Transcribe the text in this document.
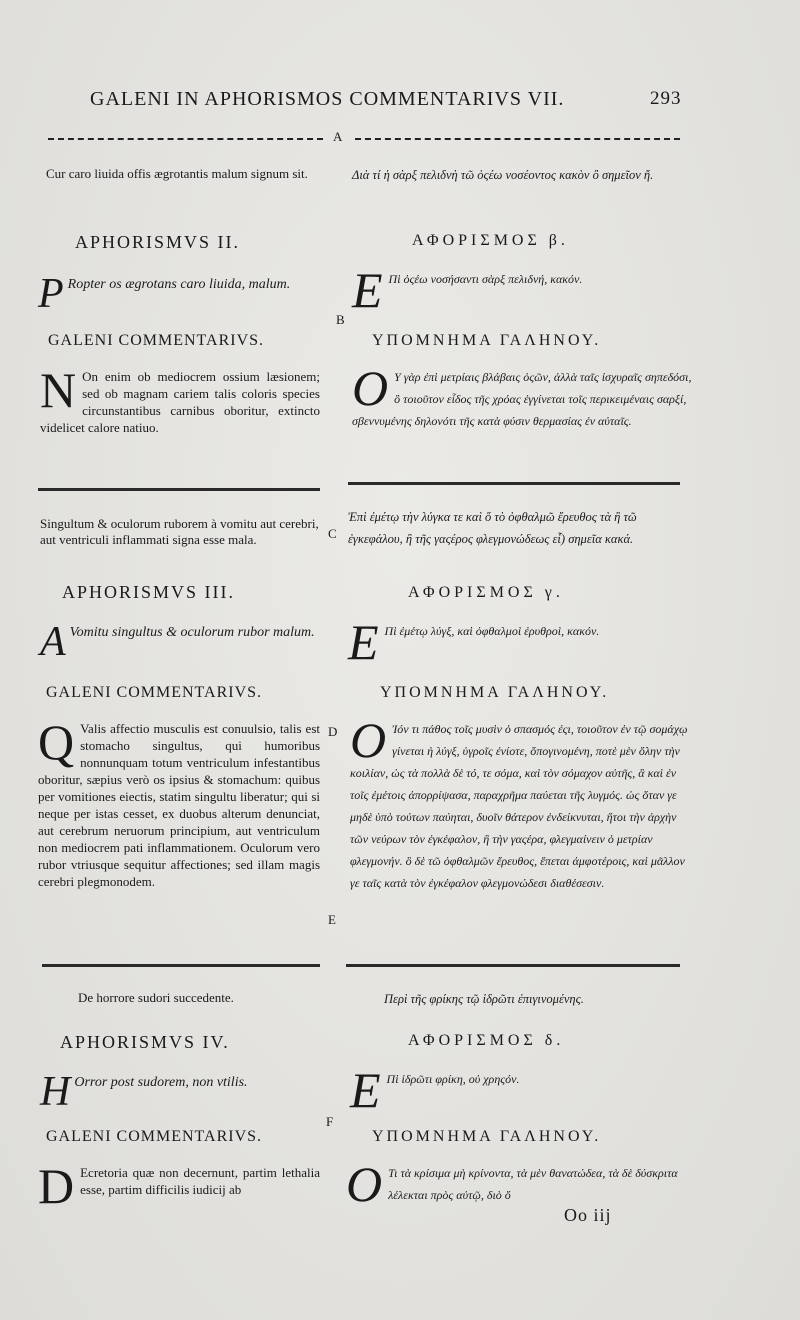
GALENI IN APHORISMOS COMMENTARIVS VII.	293
A
Cur caro liuida offis ægrotantis malum signum sit.	Διὰ τί ἡ σὰρξ πελιδνὴ τῶ ὀςέω νοσέοντος κακὸν ὂ σημεῖον ἤ.
APHORISMVS II.	ΑΦΟΡΙΣΜΟΣ β.
P Ropter os ægrotans caro liuida, malum.	E Πὶ ὀςέω νοσήσαντι σὰρξ πελιδνή, κακόν.
B
GALENI COMMENTARIVS.	ΥΠΟΜΝΗΜΑ ΓΑΛΗΝΟΥ.
N On enim ob mediocrem ossium læsionem; sed ob magnam cariem talis coloris species circunstantibus carnibus oboritur, extincto videlicet calore natiuo.
O Υ γὰρ ἐπὶ μετρίαις βλάβαις ὀςῶν, ἀλλὰ ταῖς ἰσχυραῖς σηπεδόσι, ὃ τοιοῦτον εἶδος τῆς χρόας ἐγγίνεται τοῖς περικειμέναις σαρξί, σβεννυμένης δηλονότι τῆς κατὰ φύσιν θερμασίας ἐν αὐταῖς.
Singultum & oculorum ruborem à vomitu aut cerebri, aut ventriculi inflammati signa esse mala.
Ἐπὶ ἐμέτῳ τὴν λύγκα τε καὶ ὅ τὸ ὀφθαλμῶ ἔρευθος τὰ ἢ τῶ ἐγκεφάλου, ἢ τῆς γαςέρος φλεγμονώδεως εἶ) σημεῖα κακά.
C
APHORISMVS III.	ΑΦΟΡΙΣΜΟΣ γ.
A Vomitu singultus & oculorum rubor malum. E Πὶ ἐμέτῳ λύγξ, καὶ ὀφθαλμοὶ ἐρυθροὶ, κακόν.
GALENI COMMENTARIVS.	ΥΠΟΜΝΗΜΑ ΓΑΛΗΝΟΥ.
Q Valis affectio musculis est conuulsio, talis est stomacho singultus, qui humoribus nonnunquam totum ventriculum infestantibus oboritur, sæpius verò os ipsius & stomachum: quibus per vomitiones eiectis, statim singultu liberatur; qui si neque per istas cesset, ex duobus alterum denunciat, aut cerebrum neruorum principium, aut ventriculum non mediocrem pati inflammationem. Oculorum vero rubor vtriusque sequitur affectiones; sed illam magis cerebri plegmonodem.
D O Ἰόν τι πάθος τοῖς μυσὶν ὁ σπασμός ἐςι, τοιοῦτον ἐν τῷ σομάχῳ γίνεται ἡ λύγξ, ὑγροῖς ἐνίοτε, ὅπογινομένη, ποτὲ μὲν ὅλην τὴν κοιλίαν, ὡς τὰ πολλὰ δὲ τό, τε σόμα, καὶ τὸν σόμαχον αὐτῆς, ἃ καὶ ἐν τοῖς ἐμέτοις ἀπορρίψασα, παραχρῆμα παύεται τῆς λυγμός. ὡς ὅταν γε μηδὲ ὑπὸ τούτων παύηται, δυοῖν θάτερον ἐνδείκνυται, ἤτοι τὴν ἀρχὴν τῶν νεύρων τὸν ἐγκέφαλον, ἢ τὴν γαςέρα, φλεγμαίνειν ὁ μετρίαν φλεγμονήν. ὃ δὲ τῶ ὀφθαλμῶν ἔρευθος, ἕπεται ἀμφοτέροις, καὶ μᾶλλον γε ταῖς κατὰ τὸν ἐγκέφαλον φλεγμονώδεσι διαθέσεσιν.
E
De horrore sudori succedente.	Περὶ τῆς φρίκης τῷ ἱδρῶτι ἐπιγινομένης.
APHORISMVS IV.	ΑΦΟΡΙΣΜΟΣ δ.
H Orror post sudorem, non vtilis.	E Πὶ ἱδρῶτι φρίκη, οὐ χρηςόν.
F
GALENI COMMENTARIVS.	ΥΠΟΜΝΗΜΑ ΓΑΛΗΝΟΥ.
D Ecretoria quæ non decernunt, partim lethalia esse, partim difficilis iudicij ab	O Τι τὰ κρίσιμα μὴ κρίνοντα, τὰ μὲν θανατώδεα, τὰ δὲ δύσκριτα λέλεκται πρὸς αὐτῷ, διὸ ὅ
Oo iij
